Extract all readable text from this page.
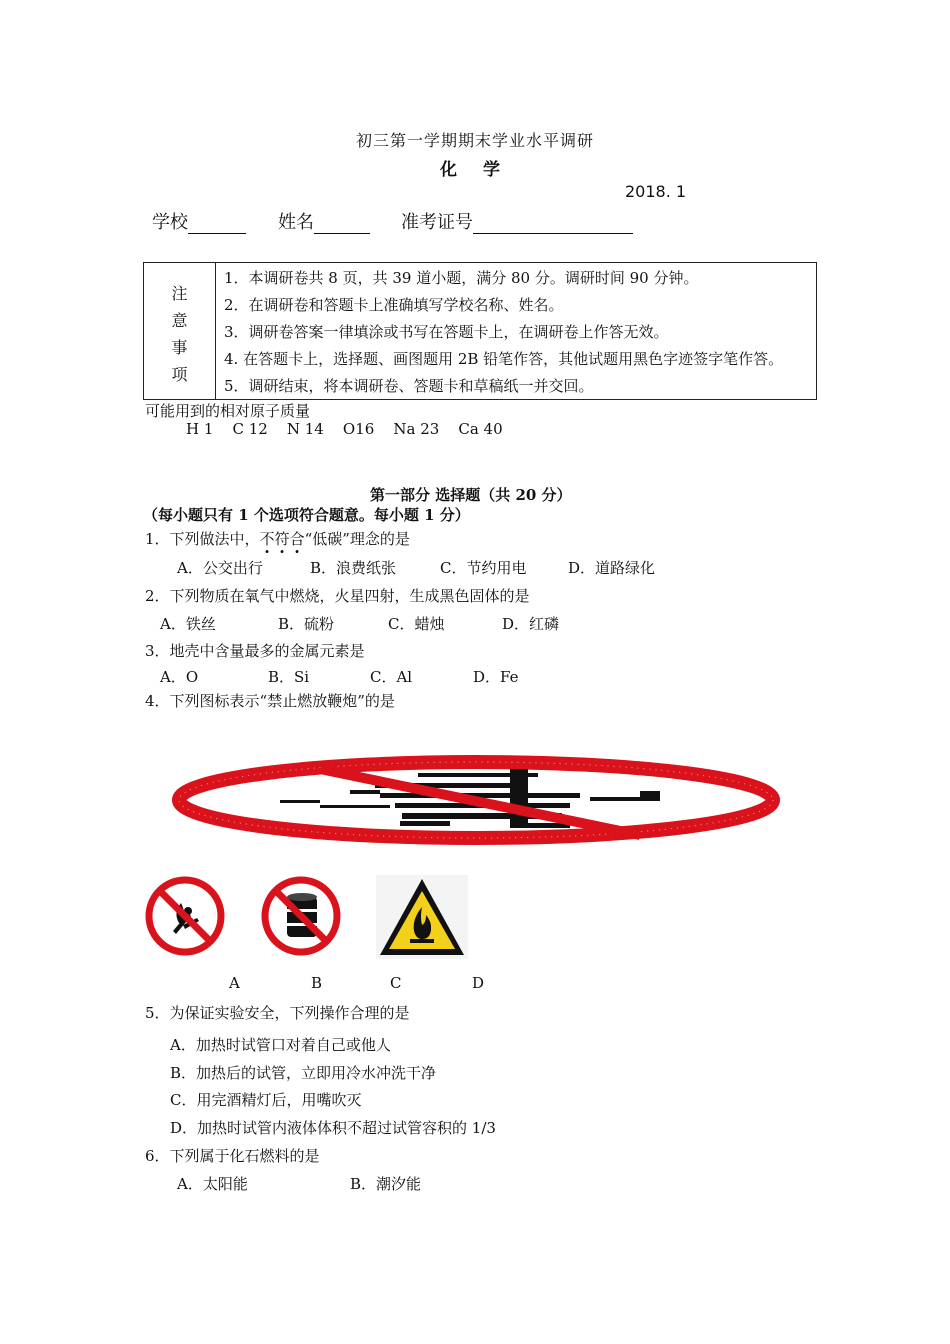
初三第一学期期末学业水平调研
化 学
2018. 1
学校	姓名	准考证号
注
意
事
项
1．本调研卷共 8 页，共 39 道小题，满分 80 分。调研时间 90 分钟。
2．在调研卷和答题卡上准确填写学校名称、姓名。
3．调研卷答案一律填涂或书写在答题卡上，在调研卷上作答无效。
4. 在答题卡上，选择题、画图题用 2B 铅笔作答，其他试题用黑色字迹签字笔作答。
5．调研结束，将本调研卷、答题卡和草稿纸一并交回。
可能用到的相对原子质量
H 1    C 12    N 14    O16    Na 23    Ca 40
第一部分 选择题（共 20 分）
（每小题只有 1 个选项符合题意。每小题 1 分）
1．下列做法中，不符合“低碳”理念的是
A．公交出行	B．浪费纸张	C．节约用电	D．道路绿化
2．下列物质在氧气中燃烧，火星四射，生成黑色固体的是
A．铁丝	B．硫粉	C．蜡烛	D．红磷
3．地壳中含量最多的金属元素是
A．O	B．Si	C．Al	D．Fe
4．下列图标表示“禁止燃放鞭炮”的是
A	B	C	D
5．为保证实验安全，下列操作合理的是
A．加热时试管口对着自己或他人
B．加热后的试管，立即用冷水冲洗干净
C．用完酒精灯后，用嘴吹灭
D．加热时试管内液体体积不超过试管容积的 1/3
6．下列属于化石燃料的是
A．太阳能	B．潮汐能
